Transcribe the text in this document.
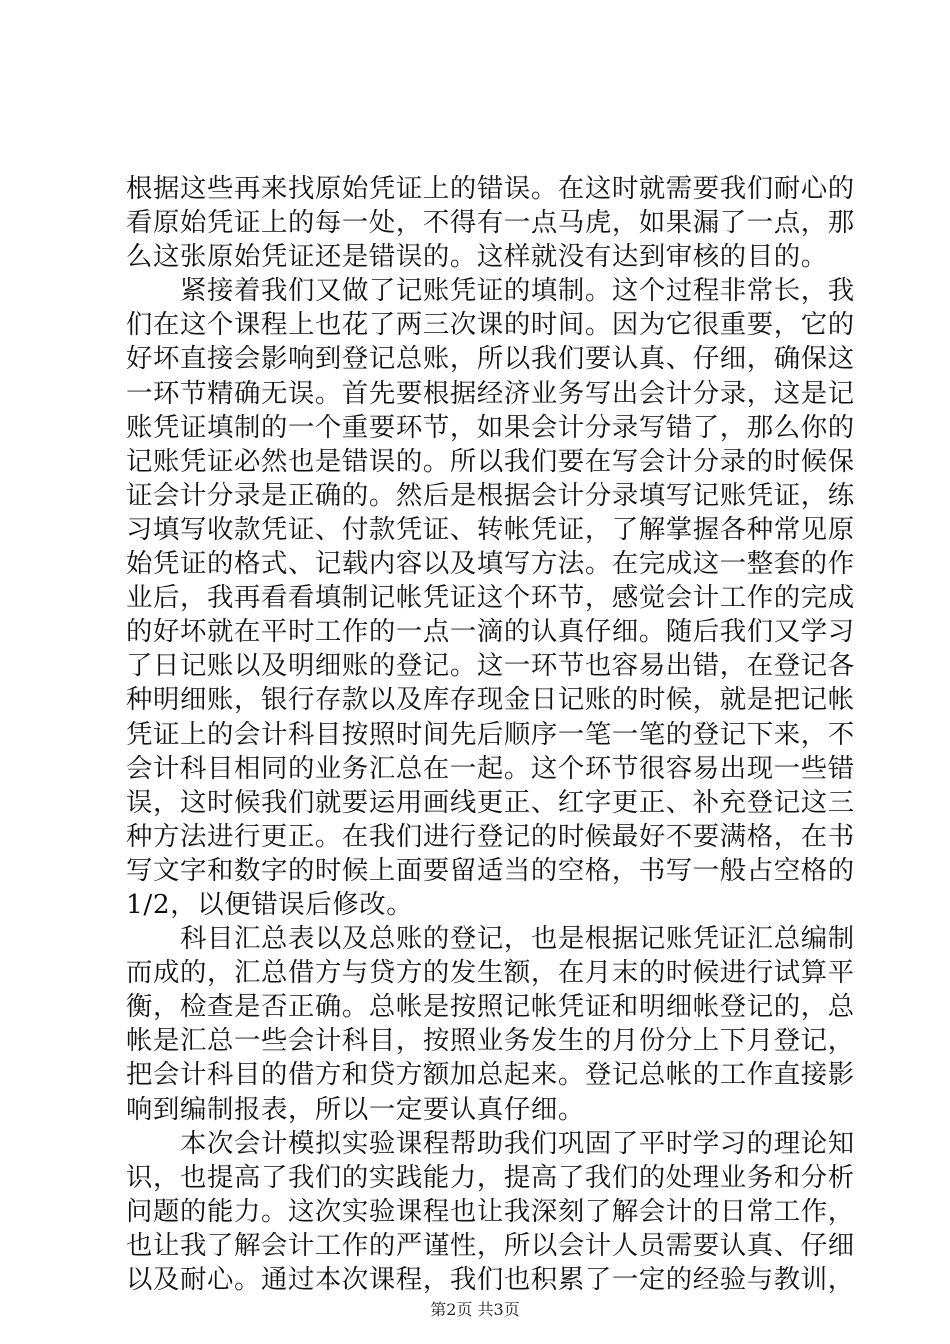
根据这些再来找原始凭证上的错误。在这时就需要我们耐心的
看原始凭证上的每一处，不得有一点马虎，如果漏了一点，那
么这张原始凭证还是错误的。这样就没有达到审核的目的。
紧接着我们又做了记账凭证的填制。这个过程非常长，我
们在这个课程上也花了两三次课的时间。因为它很重要，它的
好坏直接会影响到登记总账，所以我们要认真、仔细，确保这
一环节精确无误。首先要根据经济业务写出会计分录，这是记
账凭证填制的一个重要环节，如果会计分录写错了，那么你的
记账凭证必然也是错误的。所以我们要在写会计分录的时候保
证会计分录是正确的。然后是根据会计分录填写记账凭证，练
习填写收款凭证、付款凭证、转帐凭证，了解掌握各种常见原
始凭证的格式、记载内容以及填写方法。在完成这一整套的作
业后，我再看看填制记帐凭证这个环节，感觉会计工作的完成
的好坏就在平时工作的一点一滴的认真仔细。随后我们又学习
了日记账以及明细账的登记。这一环节也容易出错，在登记各
种明细账，银行存款以及库存现金日记账的时候，就是把记帐
凭证上的会计科目按照时间先后顺序一笔一笔的登记下来，不
会计科目相同的业务汇总在一起。这个环节很容易出现一些错
误，这时候我们就要运用画线更正、红字更正、补充登记这三
种方法进行更正。在我们进行登记的时候最好不要满格，在书
写文字和数字的时候上面要留适当的空格，书写一般占空格的
1/2，以便错误后修改。
科目汇总表以及总账的登记，也是根据记账凭证汇总编制
而成的，汇总借方与贷方的发生额，在月末的时候进行试算平
衡，检查是否正确。总帐是按照记帐凭证和明细帐登记的，总
帐是汇总一些会计科目，按照业务发生的月份分上下月登记，
把会计科目的借方和贷方额加总起来。登记总帐的工作直接影
响到编制报表，所以一定要认真仔细。
本次会计模拟实验课程帮助我们巩固了平时学习的理论知
识，也提高了我们的实践能力，提高了我们的处理业务和分析
问题的能力。这次实验课程也让我深刻了解会计的日常工作，
也让我了解会计工作的严谨性，所以会计人员需要认真、仔细
以及耐心。通过本次课程，我们也积累了一定的经验与教训，
第2页 共3页
